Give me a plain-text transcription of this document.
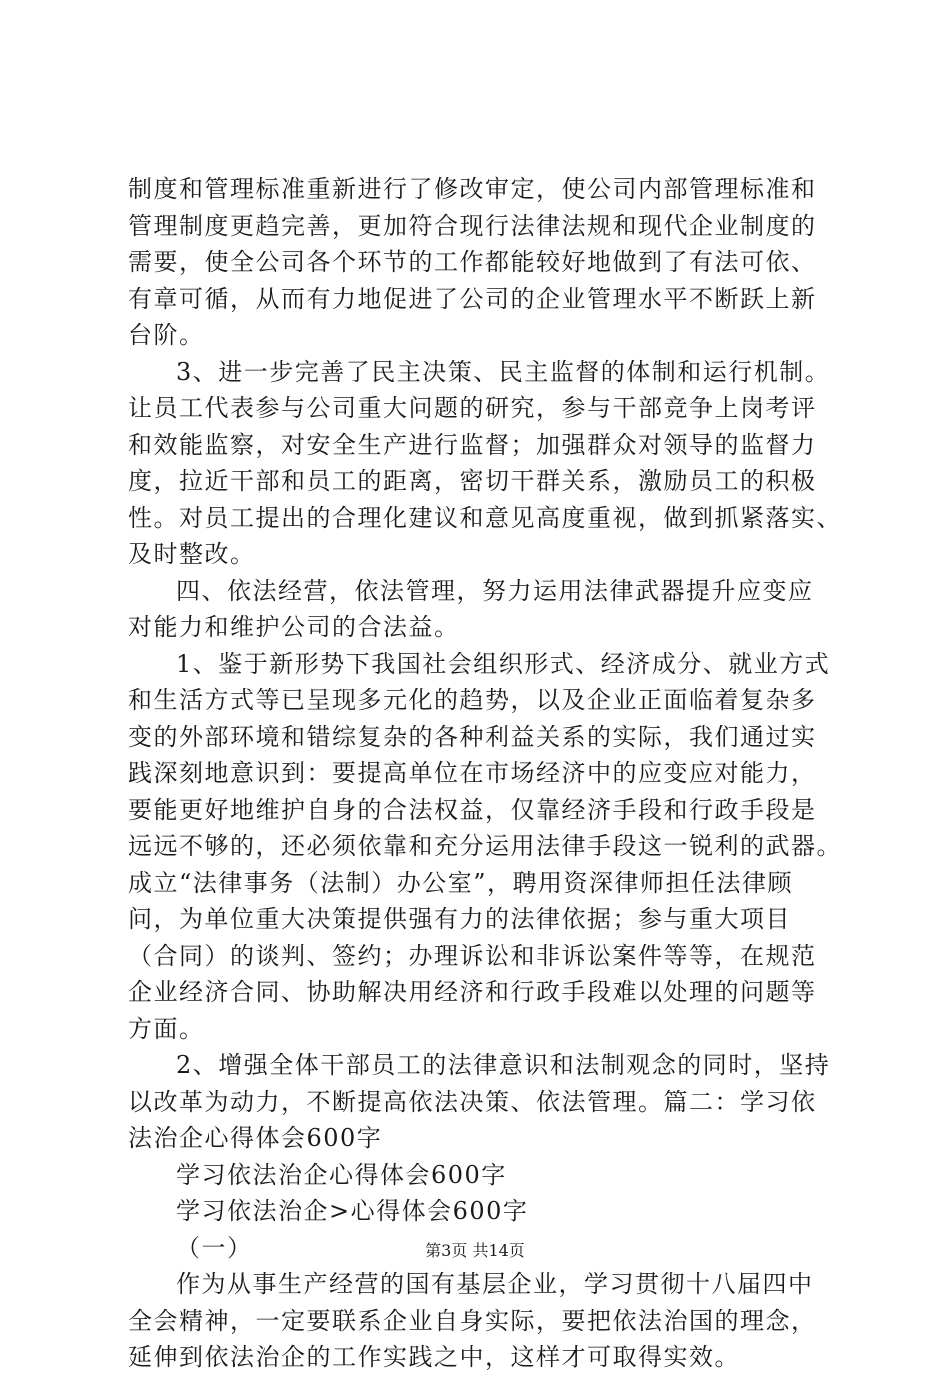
制度和管理标准重新进行了修改审定，使公司内部管理标准和
管理制度更趋完善，更加符合现行法律法规和现代企业制度的
需要，使全公司各个环节的工作都能较好地做到了有法可依、
有章可循，从而有力地促进了公司的企业管理水平不断跃上新
台阶。
3、进一步完善了民主决策、民主监督的体制和运行机制。
让员工代表参与公司重大问题的研究，参与干部竞争上岗考评
和效能监察，对安全生产进行监督；加强群众对领导的监督力
度，拉近干部和员工的距离，密切干群关系，激励员工的积极
性。对员工提出的合理化建议和意见高度重视，做到抓紧落实、
及时整改。
四、依法经营，依法管理，努力运用法律武器提升应变应
对能力和维护公司的合法益。
1、鉴于新形势下我国社会组织形式、经济成分、就业方式
和生活方式等已呈现多元化的趋势，以及企业正面临着复杂多
变的外部环境和错综复杂的各种利益关系的实际，我们通过实
践深刻地意识到：要提高单位在市场经济中的应变应对能力，
要能更好地维护自身的合法权益，仅靠经济手段和行政手段是
远远不够的，还必须依靠和充分运用法律手段这一锐利的武器。
成立“法律事务（法制）办公室”，聘用资深律师担任法律顾
问，为单位重大决策提供强有力的法律依据；参与重大项目
（合同）的谈判、签约；办理诉讼和非诉讼案件等等，在规范
企业经济合同、协助解决用经济和行政手段难以处理的问题等
方面。
2、增强全体干部员工的法律意识和法制观念的同时，坚持
以改革为动力，不断提高依法决策、依法管理。篇二：学习依
法治企心得体会600字
学习依法治企心得体会600字
学习依法治企>心得体会600字
（一）
作为从事生产经营的国有基层企业，学习贯彻十八届四中
全会精神，一定要联系企业自身实际，要把依法治国的理念，
延伸到依法治企的工作实践之中，这样才可取得实效。
第3页 共14页
